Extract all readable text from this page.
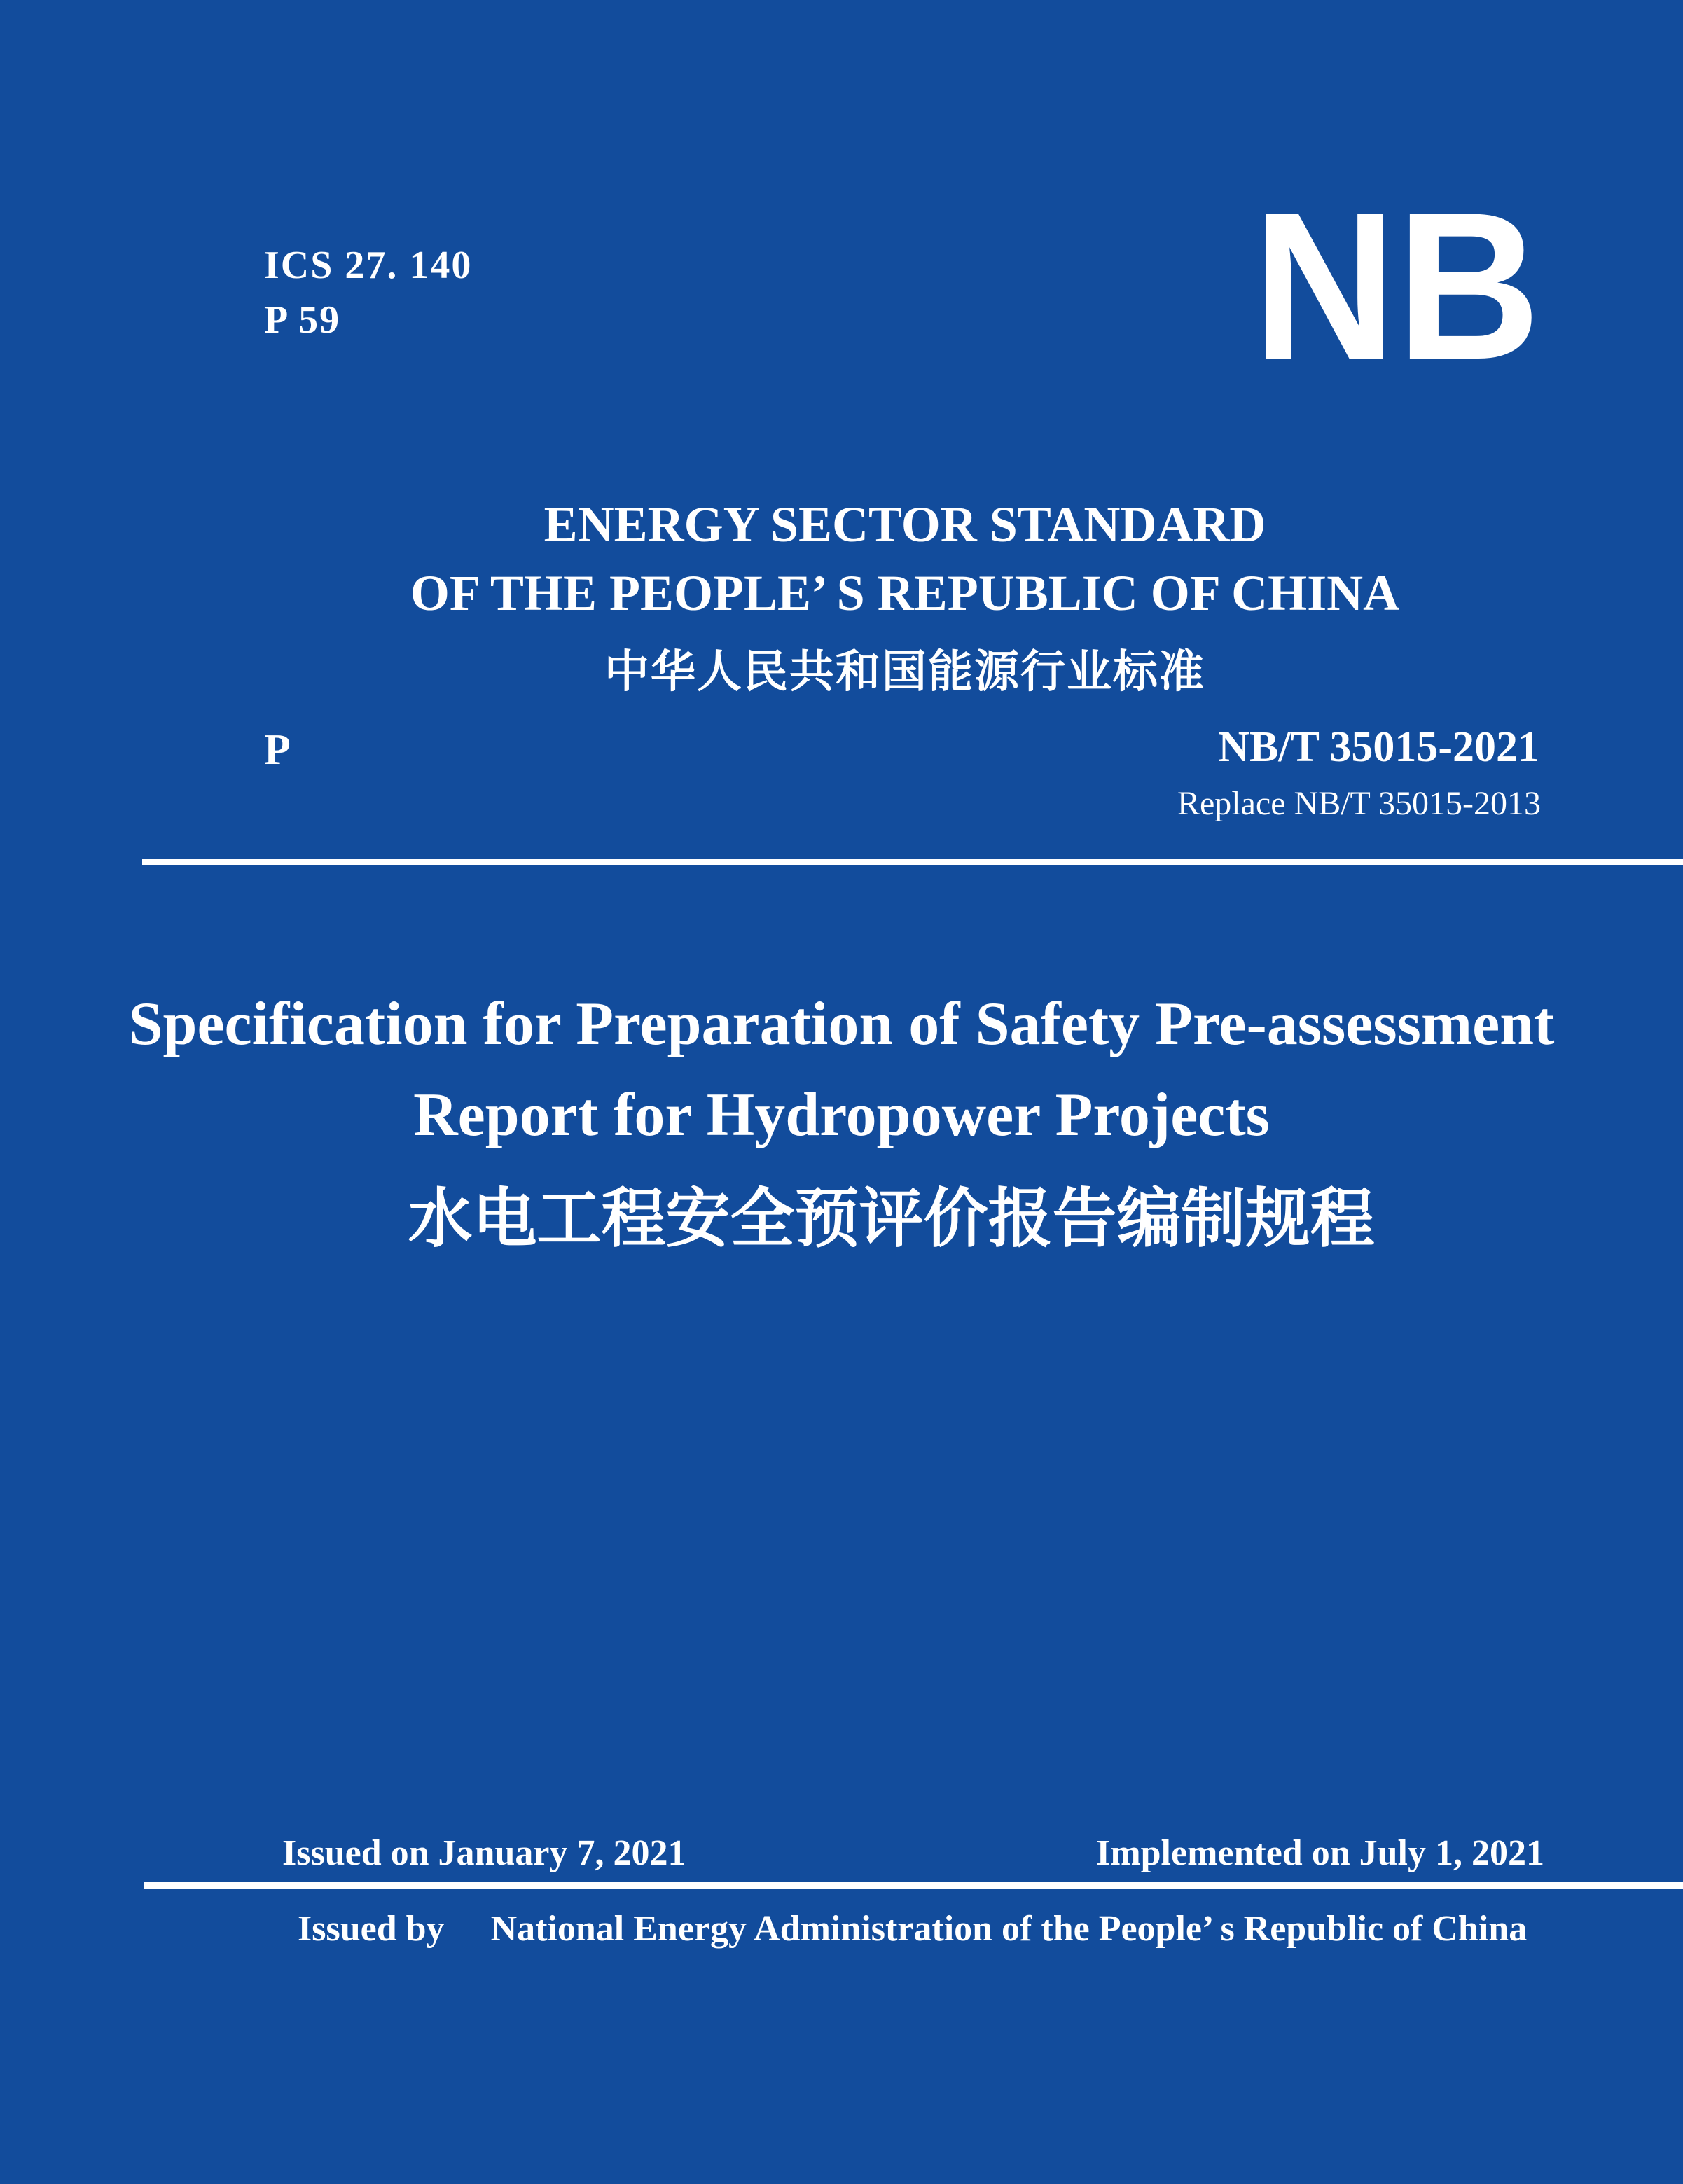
ICS 27. 140
P 59	NB
ENERGY SECTOR STANDARD
OF THE PEOPLE’ S REPUBLIC OF CHINA
中华人民共和国能源行业标准
P	NB/T 35015-2021
Replace NB/T 35015-2013
Specification for Preparation of Safety Pre-assessment
Report for Hydropower Projects
水电工程安全预评价报告编制规程
Issued on January 7, 2021	Implemented on July 1, 2021
Issued by National Energy Administration of the People’ s Republic of China
